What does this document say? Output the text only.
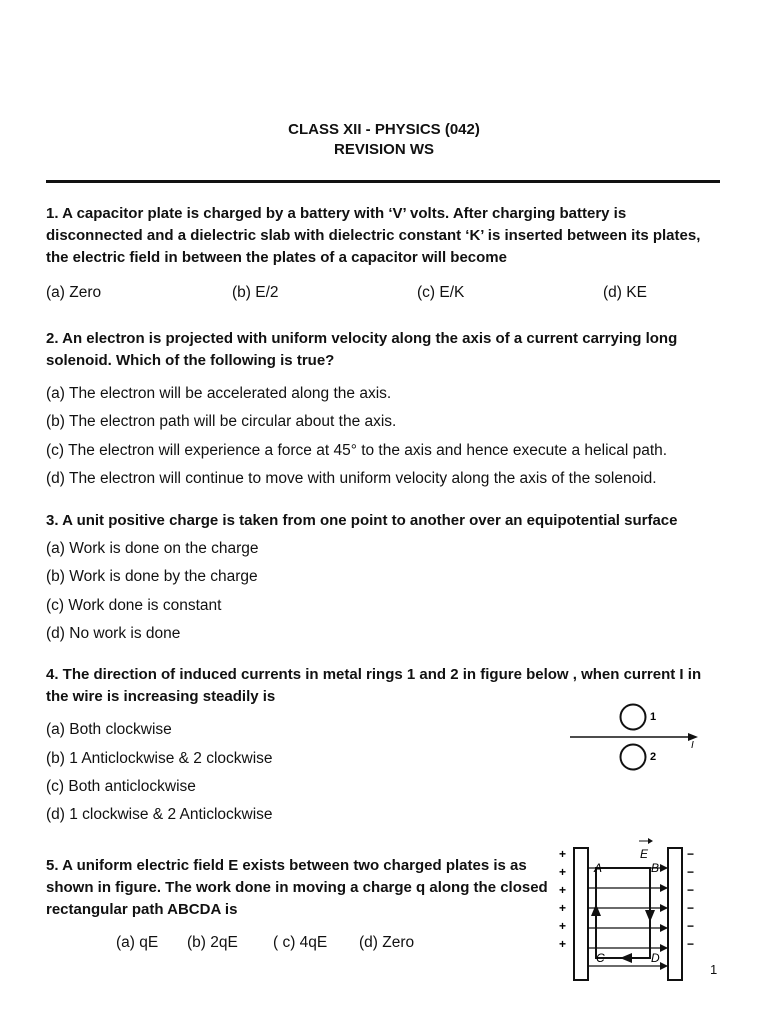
CLASS XII - PHYSICS (042)
REVISION WS
1. A capacitor plate is charged by a battery with ‘V’ volts. After charging battery is disconnected and a dielectric slab with dielectric constant ‘K’ is inserted between its plates, the electric field in between the plates of a capacitor will become
(a) Zero	(b) E/2	(c) E/K	(d) KE
2. An electron is projected with uniform velocity along the axis of a current carrying long solenoid. Which of the following is true?
(a) The electron will be accelerated along the axis.
(b) The electron path will be circular about the axis.
(c) The electron will experience a force at 45° to the axis and hence execute a helical path.
(d) The electron will continue to move with uniform velocity along the axis of the solenoid.
3. A unit positive charge is taken from one point to another over an equipotential surface
(a) Work is done on the charge
(b) Work is done by the charge
(c) Work done is constant
(d) No work is done
4. The direction of induced currents in metal rings 1 and 2 in figure below , when current I in the wire is increasing steadily is
(a) Both clockwise
(b) 1 Anticlockwise & 2 clockwise
(c) Both anticlockwise
(d) 1 clockwise & 2 Anticlockwise
1
2
I
5. A uniform electric field E exists between two charged plates is as shown in figure. The work done in moving a charge q along the closed rectangular path ABCDA is
(a) qE (b) 2qE ( c) 4qE (d) Zero
A	B
C	D
E
+
+
+
+
+
+
−
−
−
−
−
−
1
